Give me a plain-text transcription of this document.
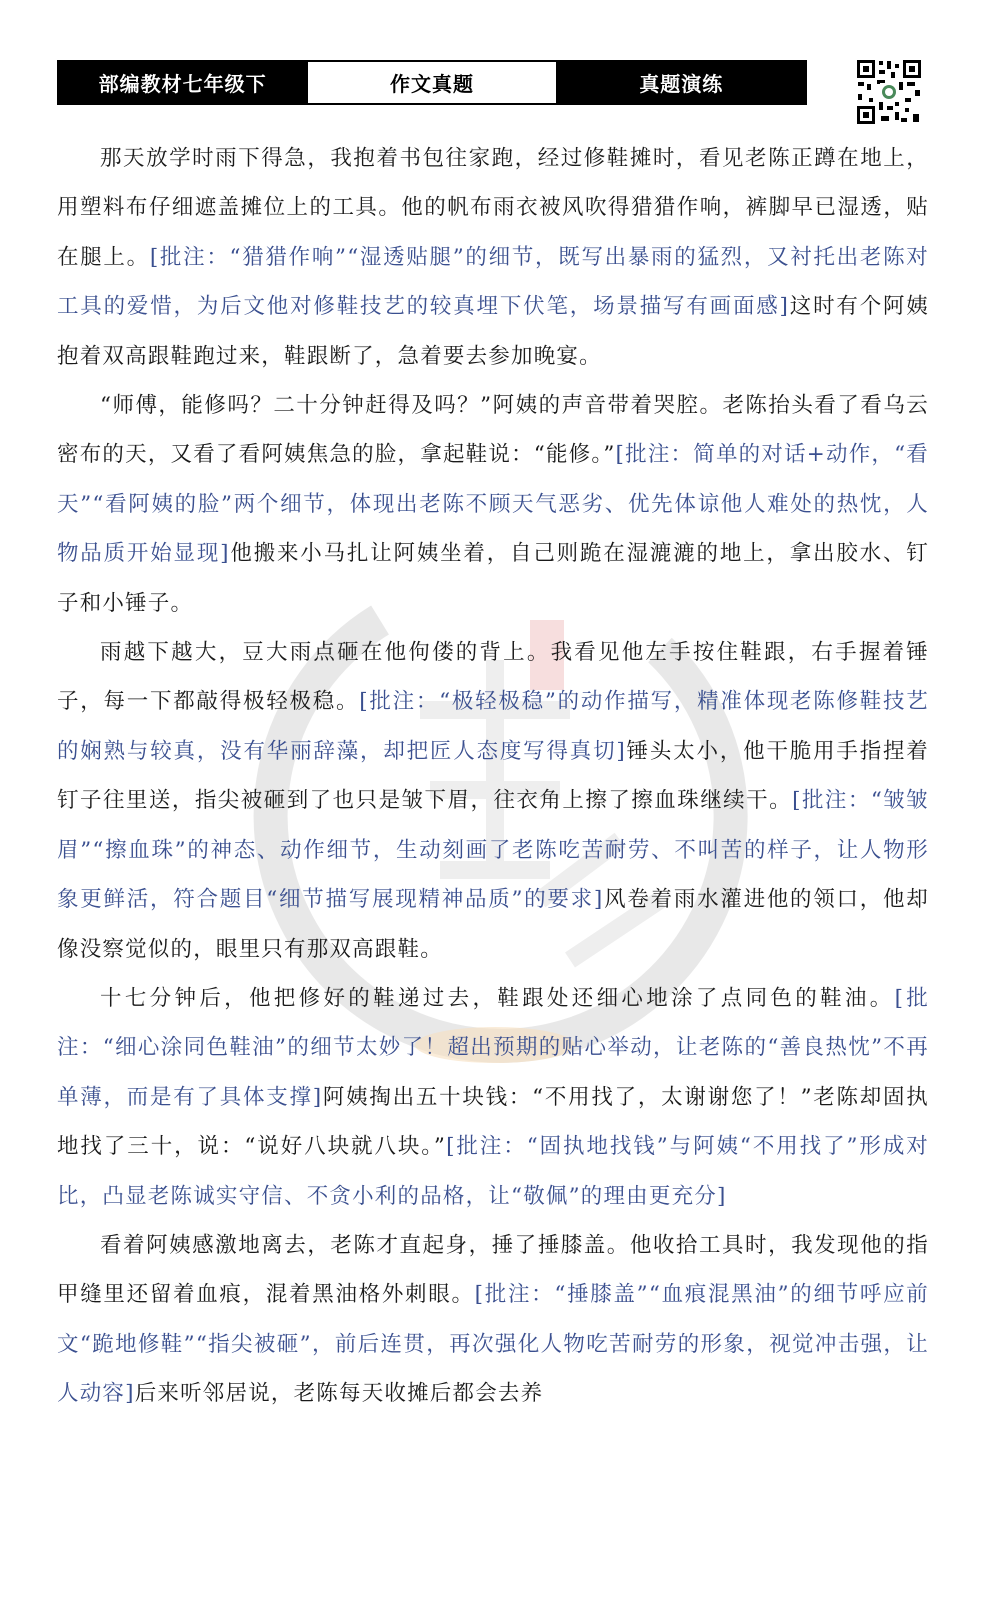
部编教材七年级下	作文真题	真题演练

那天放学时雨下得急，我抱着书包往家跑，经过修鞋摊时，看见老陈正蹲在地上，用塑料布仔细遮盖摊位上的工具。他的帆布雨衣被风吹得猎猎作响，裤脚早已湿透，贴在腿上。[批注：“猎猎作响”“湿透贴腿”的细节，既写出暴雨的猛烈，又衬托出老陈对工具的爱惜，为后文他对修鞋技艺的较真埋下伏笔，场景描写有画面感]这时有个阿姨抱着双高跟鞋跑过来，鞋跟断了，急着要去参加晚宴。

“师傅，能修吗？二十分钟赶得及吗？”阿姨的声音带着哭腔。老陈抬头看了看乌云密布的天，又看了看阿姨焦急的脸，拿起鞋说：“能修。”[批注：简单的对话+动作，“看天”“看阿姨的脸”两个细节，体现出老陈不顾天气恶劣、优先体谅他人难处的热忱，人物品质开始显现]他搬来小马扎让阿姨坐着，自己则跪在湿漉漉的地上，拿出胶水、钉子和小锤子。

雨越下越大，豆大雨点砸在他佝偻的背上。我看见他左手按住鞋跟，右手握着锤子，每一下都敲得极轻极稳。[批注：“极轻极稳”的动作描写，精准体现老陈修鞋技艺的娴熟与较真，没有华丽辞藻，却把匠人态度写得真切]锤头太小，他干脆用手指捏着钉子往里送，指尖被砸到了也只是皱下眉，往衣角上擦了擦血珠继续干。[批注：“皱皱眉”“擦血珠”的神态、动作细节，生动刻画了老陈吃苦耐劳、不叫苦的样子，让人物形象更鲜活，符合题目“细节描写展现精神品质”的要求]风卷着雨水灌进他的领口，他却像没察觉似的，眼里只有那双高跟鞋。

十七分钟后，他把修好的鞋递过去，鞋跟处还细心地涂了点同色的鞋油。[批注：“细心涂同色鞋油”的细节太妙了！超出预期的贴心举动，让老陈的“善良热忱”不再单薄，而是有了具体支撑]阿姨掏出五十块钱：“不用找了，太谢谢您了！”老陈却固执地找了三十，说：“说好八块就八块。”[批注：“固执地找钱”与阿姨“不用找了”形成对比，凸显老陈诚实守信、不贪小利的品格，让“敬佩”的理由更充分]

看着阿姨感激地离去，老陈才直起身，捶了捶膝盖。他收拾工具时，我发现他的指甲缝里还留着血痕，混着黑油格外刺眼。[批注：“捶膝盖”“血痕混黑油”的细节呼应前文“跪地修鞋”“指尖被砸”，前后连贯，再次强化人物吃苦耐劳的形象，视觉冲击强，让人动容]后来听邻居说，老陈每天收摊后都会去养
